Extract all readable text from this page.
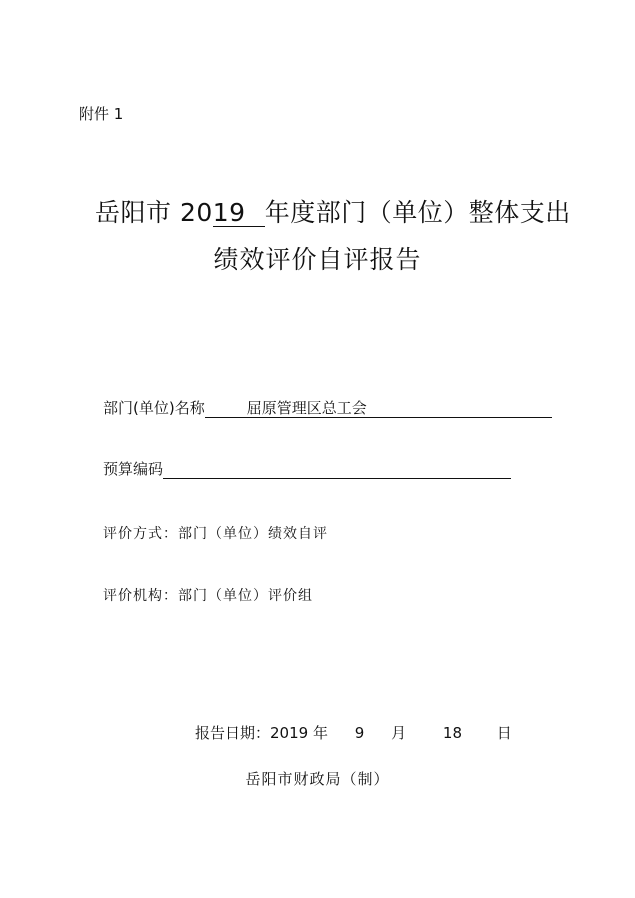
附件 1
岳阳市 2019 年度部门（单位）整体支出
绩效评价自评报告
部门(单位)名称	屈原管理区总工会
预算编码
评价方式：部门（单位）绩效自评
评价机构：部门（单位）评价组
报告日期：2019 年 9 月 18 日
岳阳市财政局（制）
